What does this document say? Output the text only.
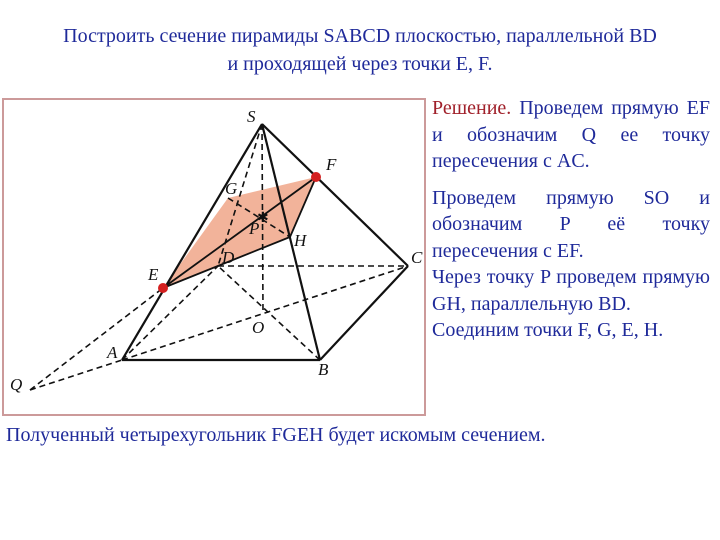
Построить сечение пирамиды SABCD плоскостью, параллельной BD
и проходящей через точки E, F.
✱
S
F
G
P
H
D	C
E
O
A
B
Q

Решение. Проведем прямую EF и обозначим Q ее точку пересечения с AC.

Проведем прямую SO и обозначим P её точку пересечения с EF.

Через точку P проведем прямую GH, параллельную BD.

Соединим точки F, G, E, H.

Полученный четырехугольник FGEH будет искомым сечением.
